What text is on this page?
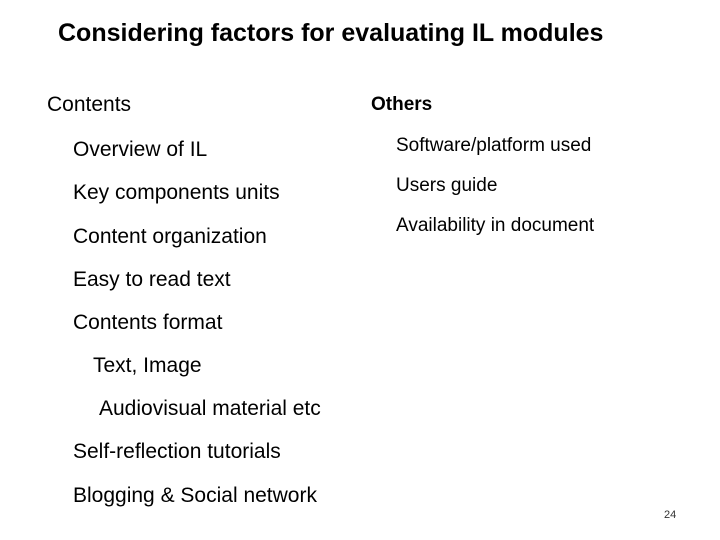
Considering factors for evaluating IL modules
Contents	Others
Overview of IL
Key components units
Content organization
Easy to read text
Contents format
Text, Image
Audiovisual material etc
Self-reflection tutorials
Blogging & Social network
Software/platform used
Users guide
Availability in document
24
